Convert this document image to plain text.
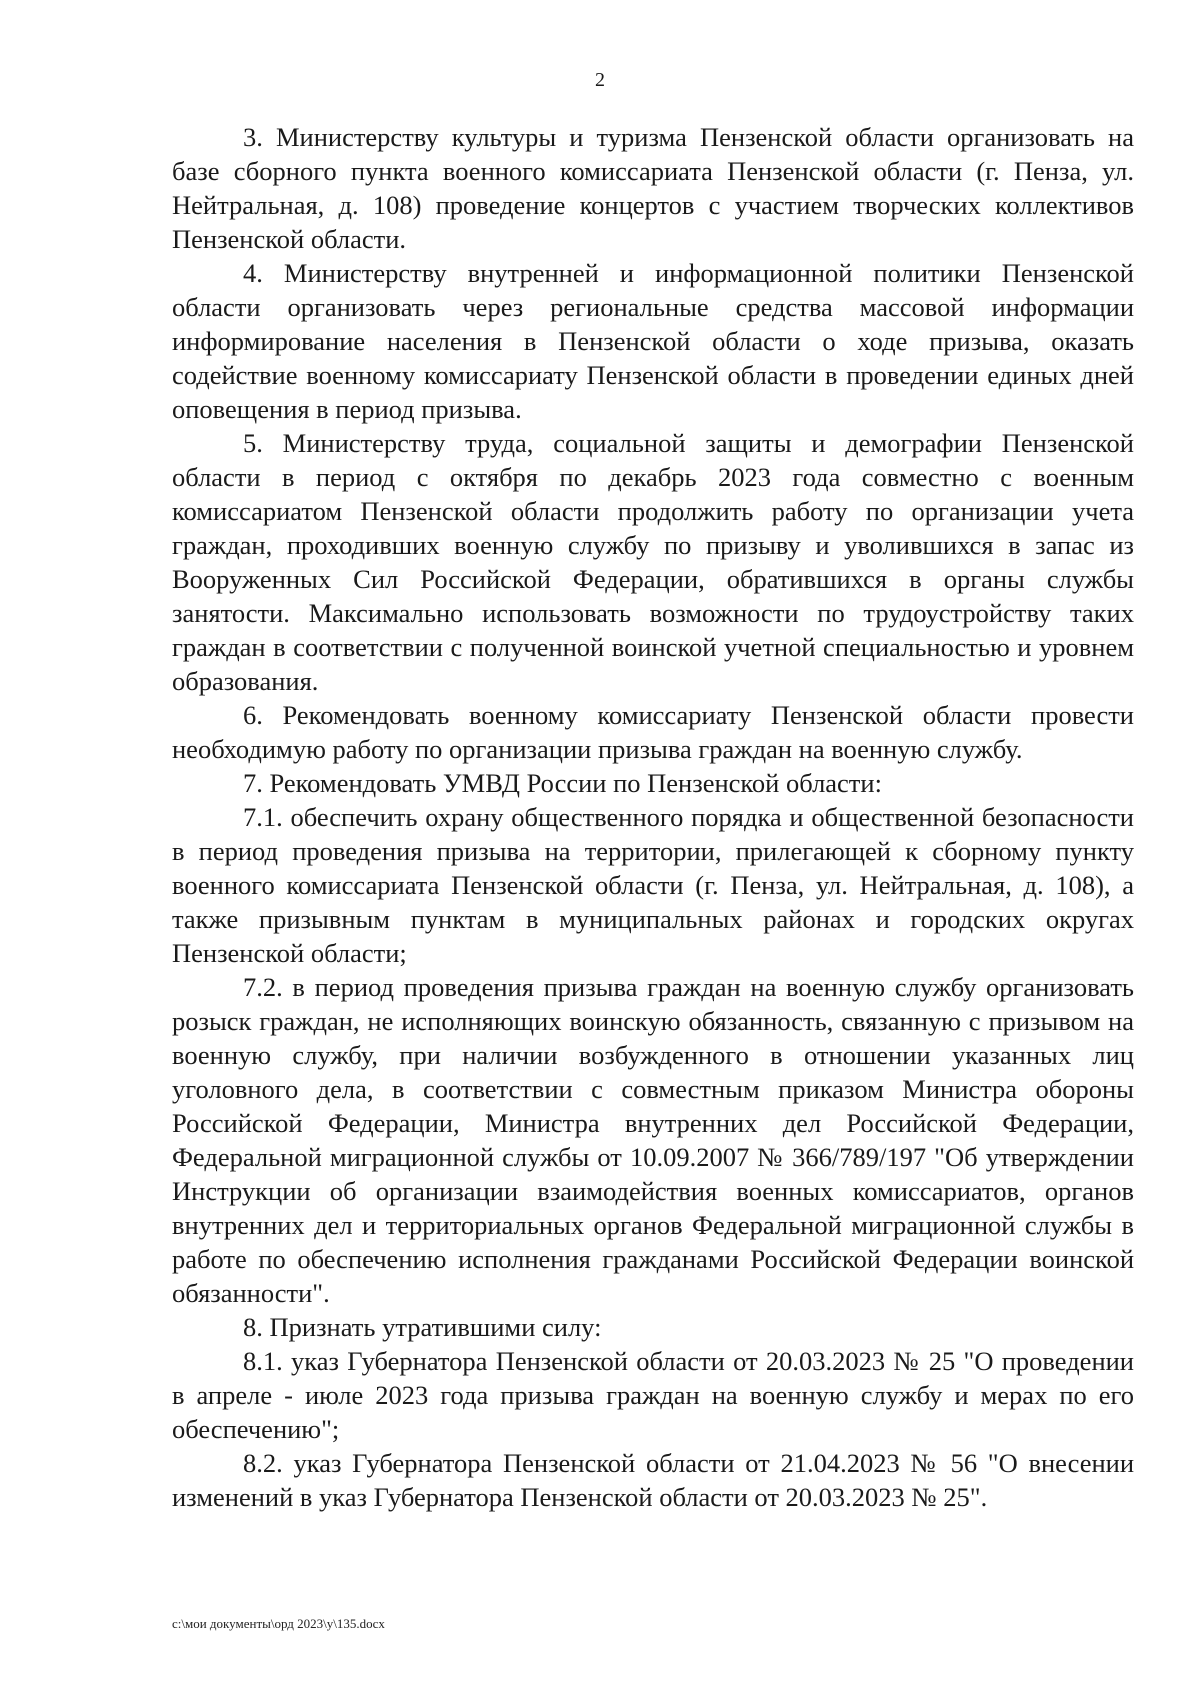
2

3. Министерству культуры и туризма Пензенской области организовать на базе сборного пункта военного комиссариата Пензенской области (г. Пенза, ул. Нейтральная, д. 108) проведение концертов с участием творческих коллективов Пензенской области.

4. Министерству внутренней и информационной политики Пензенской области организовать через региональные средства массовой информации информирование населения в Пензенской области о ходе призыва, оказать содействие военному комиссариату Пензенской области в проведении единых дней оповещения в период призыва.

5. Министерству труда, социальной защиты и демографии Пензенской области в период с октября по декабрь 2023 года совместно с военным комиссариатом Пензенской области продолжить работу по организации учета граждан, проходивших военную службу по призыву и уволившихся в запас из Вооруженных Сил Российской Федерации, обратившихся в органы службы занятости. Максимально использовать возможности по трудоустройству таких граждан в соответствии с полученной воинской учетной специальностью и уровнем образования.

6. Рекомендовать военному комиссариату Пензенской области провести необходимую работу по организации призыва граждан на военную службу.

7. Рекомендовать УМВД России по Пензенской области:

7.1. обеспечить охрану общественного порядка и общественной безопасности в период проведения призыва на территории, прилегающей к сборному пункту военного комиссариата Пензенской области (г. Пенза, ул. Нейтральная, д. 108), а также призывным пунктам в муниципальных районах и городских округах Пензенской области;

7.2. в период проведения призыва граждан на военную службу организовать розыск граждан, не исполняющих воинскую обязанность, связанную с призывом на военную службу, при наличии возбужденного в отношении указанных лиц уголовного дела, в соответствии с совместным приказом Министра обороны Российской Федерации, Министра внутренних дел Российской Федерации, Федеральной миграционной службы от 10.09.2007 № 366/789/197 "Об утверждении Инструкции об организации взаимодействия военных комиссариатов, органов внутренних дел и территориальных органов Федеральной миграционной службы в работе по обеспечению исполнения гражданами Российской Федерации воинской обязанности".

8. Признать утратившими силу:

8.1. указ Губернатора Пензенской области от 20.03.2023 № 25 "О проведении в апреле - июле 2023 года призыва граждан на военную службу и мерах по его обеспечению";

8.2. указ Губернатора Пензенской области от 21.04.2023 № 56 "О внесении изменений в указ Губернатора Пензенской области от 20.03.2023 № 25".

c:\мои документы\орд 2023\у\135.docx
